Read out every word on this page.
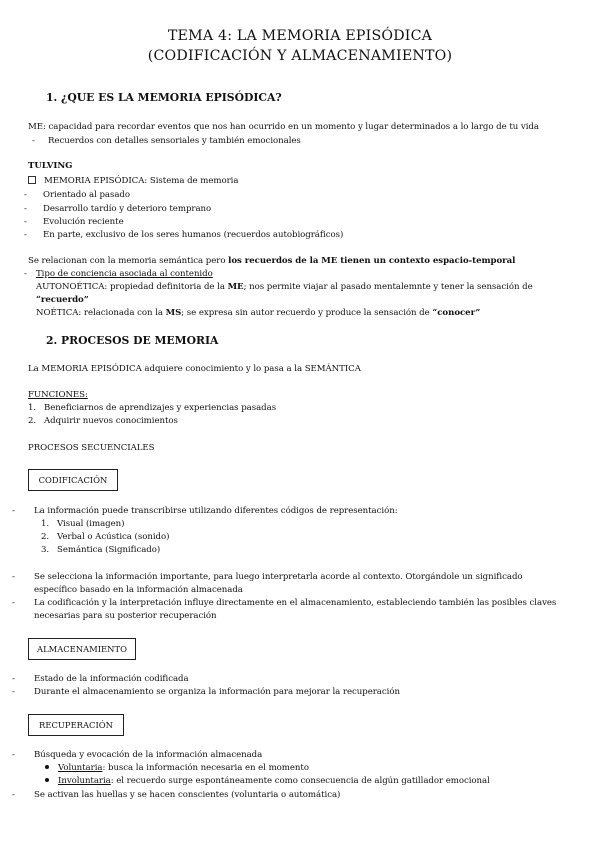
TEMA 4: LA MEMORIA EPISÓDICA
(CODIFICACIÓN Y ALMACENAMIENTO)
1. ¿QUE ES LA MEMORIA EPISÓDICA?
ME: capacidad para recordar eventos que nos han ocurrido en un momento y lugar determinados a lo largo de tu vida
- Recuerdos con detalles sensoriales y también emocionales
TULVING
MEMORIA EPISÓDICA: Sistema de memoria
- Orientado al pasado
- Desarrollo tardío y deterioro temprano
- Evolución reciente
- En parte, exclusivo de los seres humanos (recuerdos autobiográficos)
Se relacionan con la memoria semántica pero los recuerdos de la ME tienen un contexto espacio-temporal
- Tipo de conciencia asociada al contenido
AUTONOÉTICA: propiedad definitoria de la ME; nos permite viajar al pasado mentalemnte y tener la sensación de
“recuerdo”
NOÉTICA: relacionada con la MS; se expresa sin autor recuerdo y produce la sensación de “conocer”
2. PROCESOS DE MEMORIA
La MEMORIA EPISÓDICA adquiere conocimiento y lo pasa a la SEMÁNTICA
FUNCIONES:
1. Beneficiarnos de aprendizajes y experiencias pasadas
2. Adquirir nuevos conocimientos
PROCESOS SECUENCIALES
CODIFICACIÓN
- La información puede transcribirse utilizando diferentes códigos de representación:
1. Visual (imagen)
2. Verbal o Acústica (sonido)
3. Semántica (Significado)
- Se selecciona la información importante, para luego interpretarla acorde al contexto. Otorgándole un significado
específico basado en la información almacenada
- La codificación y la interpretación influye directamente en el almacenamiento, estableciendo también las posibles claves
necesarias para su posterior recuperación
ALMACENAMIENTO
- Estado de la información codificada
- Durante el almacenamiento se organiza la información para mejorar la recuperación
RECUPERACIÓN
- Búsqueda y evocación de la información almacenada
Voluntaria: busca la información necesaria en el momento
Involuntaria: el recuerdo surge espontáneamente como consecuencia de algún gatillador emocional
- Se activan las huellas y se hacen conscientes (voluntaria o automática)
